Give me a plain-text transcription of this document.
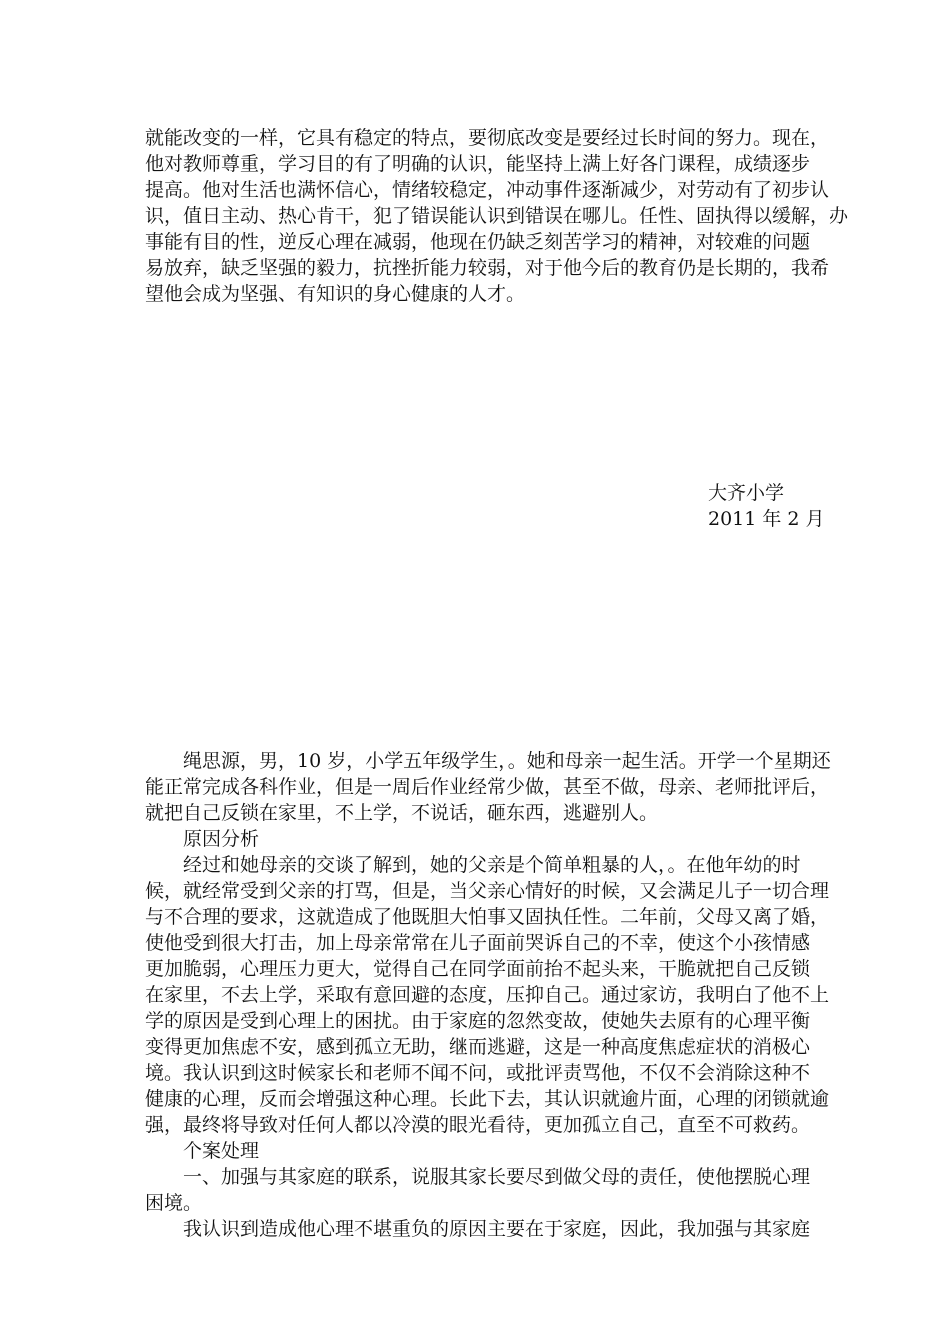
就能改变的一样，它具有稳定的特点，要彻底改变是要经过长时间的努力。现在，
他对教师尊重，学习目的有了明确的认识，能坚持上满上好各门课程，成绩逐步
提高。他对生活也满怀信心，情绪较稳定，冲动事件逐渐减少，对劳动有了初步认
识，值日主动、热心肯干，犯了错误能认识到错误在哪儿。任性、固执得以缓解，办
事能有目的性，逆反心理在减弱，他现在仍缺乏刻苦学习的精神，对较难的问题
易放弃，缺乏坚强的毅力，抗挫折能力较弱，对于他今后的教育仍是长期的，我希
望他会成为坚强、有知识的身心健康的人才。
大齐小学
2011 年 2 月
绳思源，男，10 岁，小学五年级学生，。她和母亲一起生活。开学一个星期还
能正常完成各科作业，但是一周后作业经常少做，甚至不做，母亲、老师批评后，
就把自己反锁在家里，不上学，不说话，砸东西，逃避别人。
原因分析
经过和她母亲的交谈了解到，她的父亲是个简单粗暴的人，。在他年幼的时
候，就经常受到父亲的打骂，但是，当父亲心情好的时候，又会满足儿子一切合理
与不合理的要求，这就造成了他既胆大怕事又固执任性。二年前，父母又离了婚，
使他受到很大打击，加上母亲常常在儿子面前哭诉自己的不幸，使这个小孩情感
更加脆弱，心理压力更大，觉得自己在同学面前抬不起头来，干脆就把自己反锁
在家里，不去上学，采取有意回避的态度，压抑自己。通过家访，我明白了他不上
学的原因是受到心理上的困扰。由于家庭的忽然变故，使她失去原有的心理平衡
变得更加焦虑不安，感到孤立无助，继而逃避，这是一种高度焦虑症状的消极心
境。我认识到这时候家长和老师不闻不问，或批评责骂他，不仅不会消除这种不
健康的心理，反而会增强这种心理。长此下去，其认识就逾片面，心理的闭锁就逾
强，最终将导致对任何人都以冷漠的眼光看待，更加孤立自己，直至不可救药。
个案处理
一、加强与其家庭的联系，说服其家长要尽到做父母的责任，使他摆脱心理
困境。
我认识到造成他心理不堪重负的原因主要在于家庭，因此，我加强与其家庭
